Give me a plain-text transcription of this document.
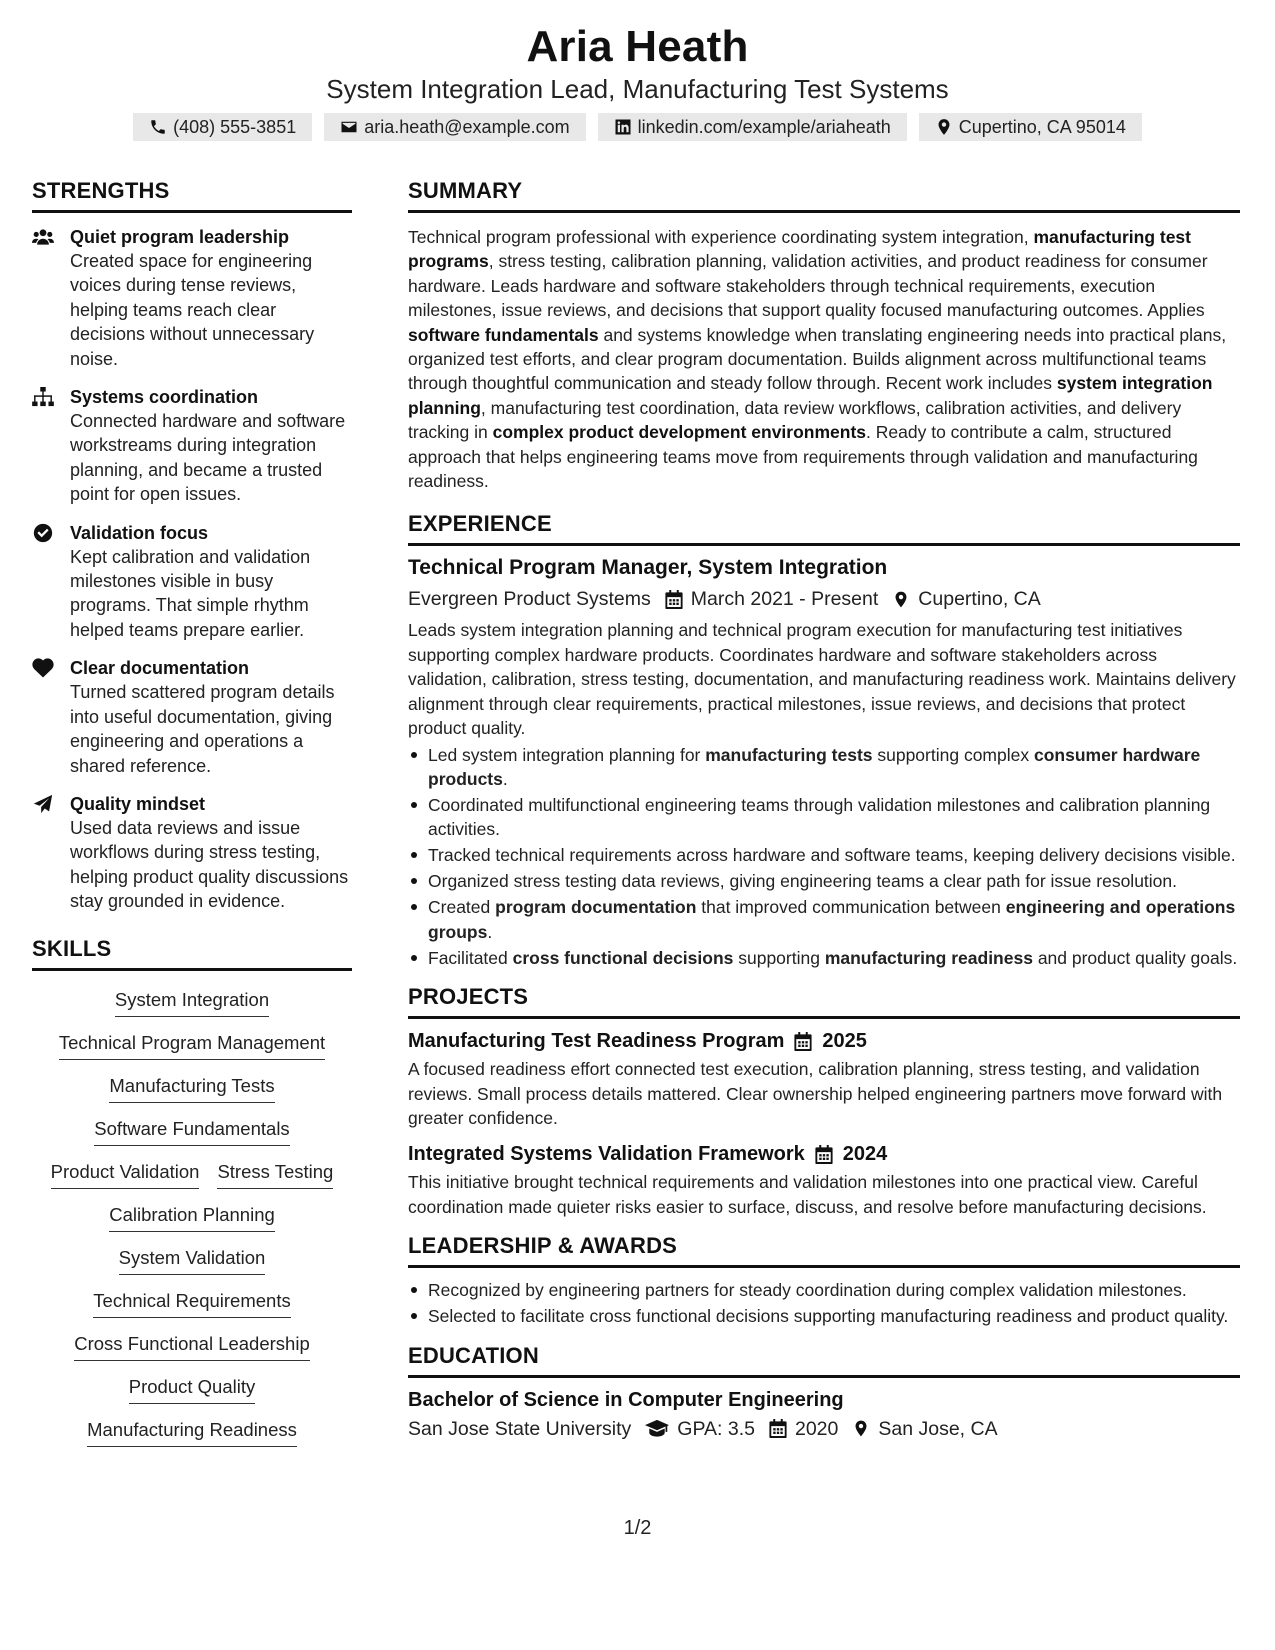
Aria Heath
System Integration Lead, Manufacturing Test Systems
(408) 555-3851	aria.heath@example.com	linkedin.com/example/ariaheath	Cupertino, CA 95014
STRENGTHS
Quiet program leadership
Created space for engineering voices during tense reviews, helping teams reach clear decisions without unnecessary noise.
Systems coordination
Connected hardware and software workstreams during integration planning, and became a trusted point for open issues.
Validation focus
Kept calibration and validation milestones visible in busy programs. That simple rhythm helped teams prepare earlier.
Clear documentation
Turned scattered program details into useful documentation, giving engineering and operations a shared reference.
Quality mindset
Used data reviews and issue workflows during stress testing, helping product quality discussions stay grounded in evidence.
SKILLS
System Integration
Technical Program Management
Manufacturing Tests
Software Fundamentals
Product Validation Stress Testing
Calibration Planning
System Validation
Technical Requirements
Cross Functional Leadership
Product Quality
Manufacturing Readiness
SUMMARY
Technical program professional with experience coordinating system integration, manufacturing test programs, stress testing, calibration planning, validation activities, and product readiness for consumer hardware. Leads hardware and software stakeholders through technical requirements, execution milestones, issue reviews, and decisions that support quality focused manufacturing outcomes. Applies software fundamentals and systems knowledge when translating engineering needs into practical plans, organized test efforts, and clear program documentation. Builds alignment across multifunctional teams through thoughtful communication and steady follow through. Recent work includes system integration planning, manufacturing test coordination, data review workflows, calibration activities, and delivery tracking in complex product development environments. Ready to contribute a calm, structured approach that helps engineering teams move from requirements through validation and manufacturing readiness.
EXPERIENCE
Technical Program Manager, System Integration
Evergreen Product Systems March 2021 - Present Cupertino, CA
Leads system integration planning and technical program execution for manufacturing test initiatives supporting complex hardware products. Coordinates hardware and software stakeholders across validation, calibration, stress testing, documentation, and manufacturing readiness work. Maintains delivery alignment through clear requirements, practical milestones, issue reviews, and decisions that protect product quality.
Led system integration planning for manufacturing tests supporting complex consumer hardware products.
Coordinated multifunctional engineering teams through validation milestones and calibration planning activities.
Tracked technical requirements across hardware and software teams, keeping delivery decisions visible.
Organized stress testing data reviews, giving engineering teams a clear path for issue resolution.
Created program documentation that improved communication between engineering and operations groups.
Facilitated cross functional decisions supporting manufacturing readiness and product quality goals.
PROJECTS
Manufacturing Test Readiness Program 2025
A focused readiness effort connected test execution, calibration planning, stress testing, and validation reviews. Small process details mattered. Clear ownership helped engineering partners move forward with greater confidence.
Integrated Systems Validation Framework 2024
This initiative brought technical requirements and validation milestones into one practical view. Careful coordination made quieter risks easier to surface, discuss, and resolve before manufacturing decisions.
LEADERSHIP & AWARDS
Recognized by engineering partners for steady coordination during complex validation milestones.
Selected to facilitate cross functional decisions supporting manufacturing readiness and product quality.
EDUCATION
Bachelor of Science in Computer Engineering
San Jose State University GPA: 3.5 2020 San Jose, CA
1/2
